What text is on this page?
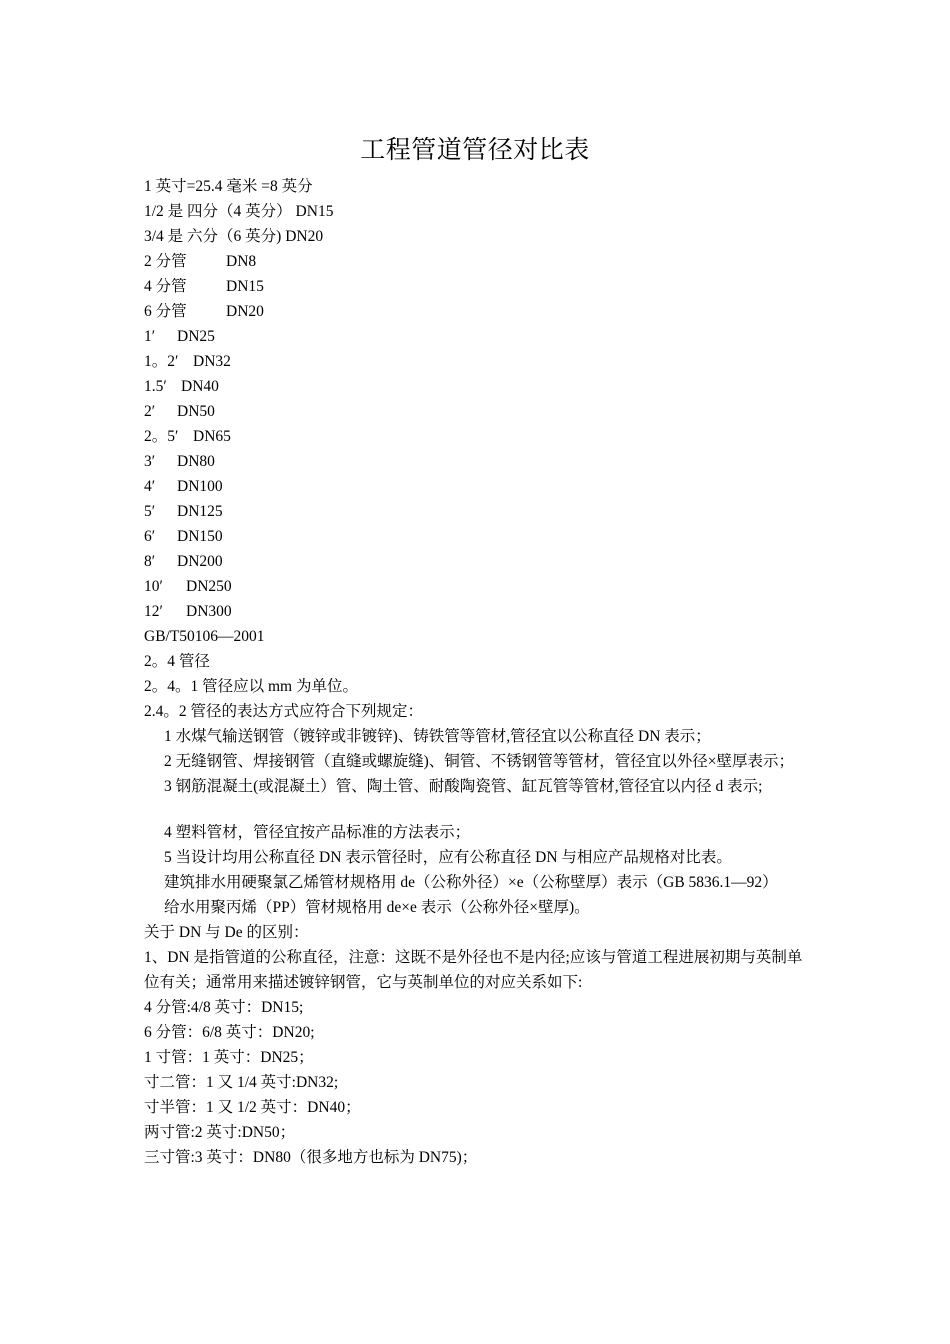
工程管道管径对比表
1 英寸=25.4 毫米 =8 英分
1/2 是 四分（4 英分） DN15
3/4 是 六分（6 英分) DN20
2 分管	DN8
4 分管	DN15
6 分管	DN20
1′ DN25
1。2′ DN32
1.5′ DN40
2′ DN50
2。5′ DN65
3′ DN80
4′ DN100
5′ DN125
6′ DN150
8′ DN200
10′ DN250
12′ DN300
GB/T50106—2001
2。4 管径
2。4。1 管径应以 mm 为单位。
2.4。2 管径的表达方式应符合下列规定：
1 水煤气输送钢管（镀锌或非镀锌)、铸铁管等管材,管径宜以公称直径 DN 表示；
2 无缝钢管、焊接钢管（直缝或螺旋缝)、铜管、不锈钢管等管材，管径宜以外径×壁厚表示；
3 钢筋混凝土(或混凝土）管、陶土管、耐酸陶瓷管、缸瓦管等管材,管径宜以内径 d 表示;
4 塑料管材，管径宜按产品标准的方法表示；
5 当设计均用公称直径 DN 表示管径时，应有公称直径 DN 与相应产品规格对比表。
建筑排水用硬聚氯乙烯管材规格用 de（公称外径）×e（公称壁厚）表示（GB 5836.1—92）
给水用聚丙烯（PP）管材规格用 de×e 表示（公称外径×壁厚)。
关于 DN 与 De 的区别：
1、DN 是指管道的公称直径，注意：这既不是外径也不是内径;应该与管道工程进展初期与英制单位有关；通常用来描述镀锌钢管，它与英制单位的对应关系如下:
4 分管:4/8 英寸：DN15;
6 分管：6/8 英寸：DN20;
1 寸管：1 英寸：DN25；
寸二管：1 又 1/4 英寸:DN32;
寸半管：1 又 1/2 英寸：DN40；
两寸管:2 英寸:DN50；
三寸管:3 英寸：DN80（很多地方也标为 DN75)；
